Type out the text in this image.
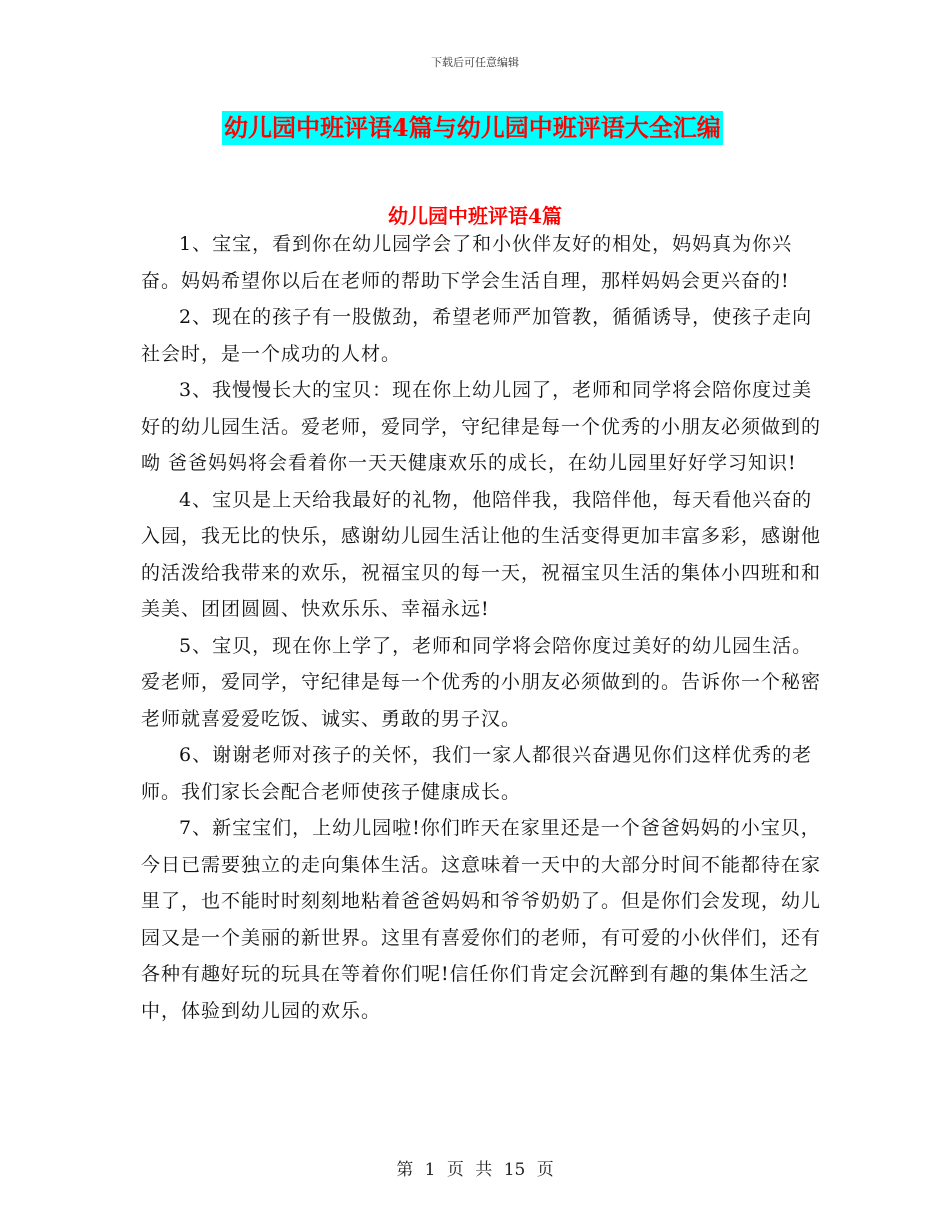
下载后可任意编辑
幼儿园中班评语4篇与幼儿园中班评语大全汇编
幼儿园中班评语4篇

1、宝宝，看到你在幼儿园学会了和小伙伴友好的相处，妈妈真为你兴奋。妈妈希望你以后在老师的帮助下学会生活自理，那样妈妈会更兴奋的!

2、现在的孩子有一股傲劲，希望老师严加管教，循循诱导，使孩子走向社会时，是一个成功的人材。

3、我慢慢长大的宝贝：现在你上幼儿园了，老师和同学将会陪你度过美好的幼儿园生活。爱老师，爱同学，守纪律是每一个优秀的小朋友必须做到的呦 爸爸妈妈将会看着你一天天健康欢乐的成长，在幼儿园里好好学习知识!

4、宝贝是上天给我最好的礼物，他陪伴我，我陪伴他，每天看他兴奋的入园，我无比的快乐，感谢幼儿园生活让他的生活变得更加丰富多彩，感谢他的活泼给我带来的欢乐，祝福宝贝的每一天，祝福宝贝生活的集体小四班和和美美、团团圆圆、快欢乐乐、幸福永远!

5、宝贝，现在你上学了，老师和同学将会陪你度过美好的幼儿园生活。爱老师，爱同学，守纪律是每一个优秀的小朋友必须做到的。告诉你一个秘密老师就喜爱爱吃饭、诚实、勇敢的男子汉。

6、谢谢老师对孩子的关怀，我们一家人都很兴奋遇见你们这样优秀的老师。我们家长会配合老师使孩子健康成长。

7、新宝宝们，上幼儿园啦!你们昨天在家里还是一个爸爸妈妈的小宝贝，今日已需要独立的走向集体生活。这意味着一天中的大部分时间不能都待在家里了，也不能时时刻刻地粘着爸爸妈妈和爷爷奶奶了。但是你们会发现，幼儿园又是一个美丽的新世界。这里有喜爱你们的老师，有可爱的小伙伴们，还有各种有趣好玩的玩具在等着你们呢!信任你们肯定会沉醉到有趣的集体生活之中，体验到幼儿园的欢乐。

第 1 页 共 15 页
